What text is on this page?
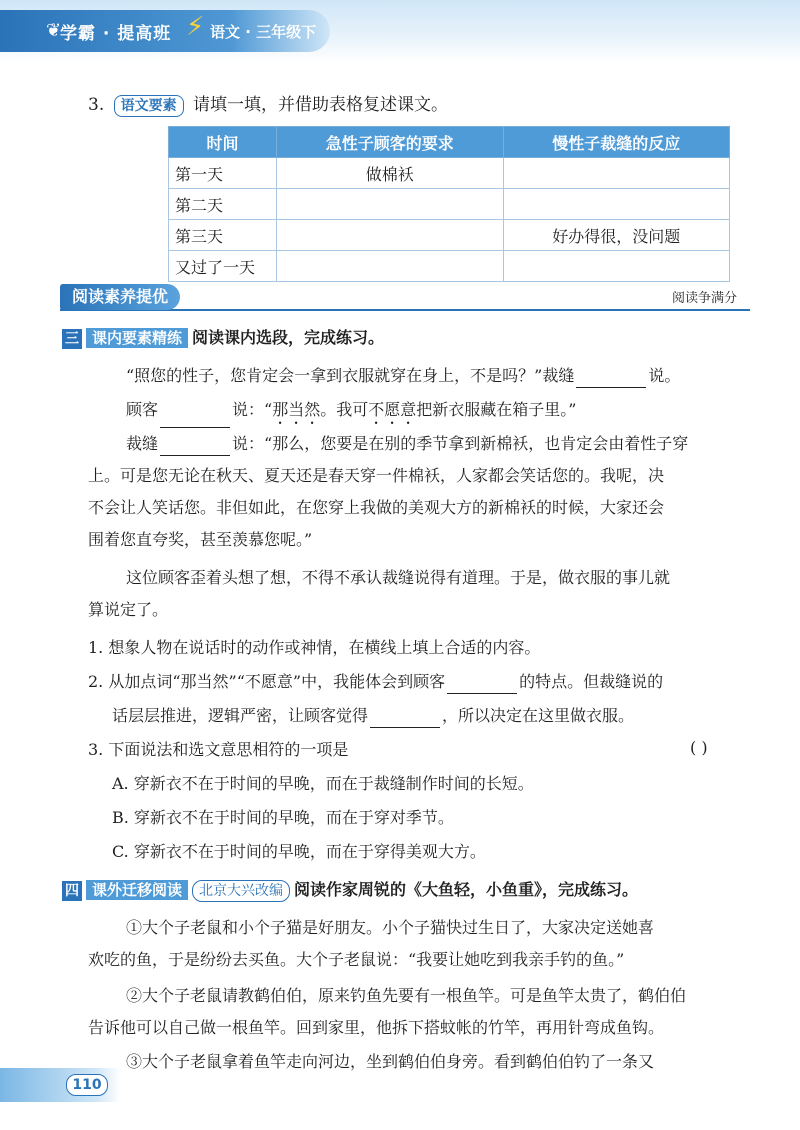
❦
学霸 · 提高班 ⚡ 语文 · 三年级下
3. 语文要素 请填一填，并借助表格复述课文。
时间	急性子顾客的要求	慢性子裁缝的反应
第一天	做棉袄	
第二天		
第三天		好办得很，没问题
又过了一天		
阅读素养提优	阅读争满分
三 课内要素精练 阅读课内选段，完成练习。
“照您的性子，您肯定会一拿到衣服就穿在身上，不是吗？”裁缝	说。
顾客	说：“那当然。我可不愿意把新衣服藏在箱子里。”
裁缝	说：“那么，您要是在别的季节拿到新棉袄，也肯定会由着性子穿
上。可是您无论在秋天、夏天还是春天穿一件棉袄，人家都会笑话您的。我呢，决
不会让人笑话您。非但如此，在您穿上我做的美观大方的新棉袄的时候，大家还会
围着您直夸奖，甚至羡慕您呢。”
这位顾客歪着头想了想，不得不承认裁缝说得有道理。于是，做衣服的事儿就
算说定了。
1. 想象人物在说话时的动作或神情，在横线上填上合适的内容。
2. 从加点词“那当然”“不愿意”中，我能体会到顾客	的特点。但裁缝说的
话层层推进，逻辑严密，让顾客觉得	，所以决定在这里做衣服。
3. 下面说法和选文意思相符的一项是	( )
A. 穿新衣不在于时间的早晚，而在于裁缝制作时间的长短。
B. 穿新衣不在于时间的早晚，而在于穿对季节。
C. 穿新衣不在于时间的早晚，而在于穿得美观大方。
四 课外迁移阅读 北京大兴改编 阅读作家周锐的《大鱼轻，小鱼重》，完成练习。
①大个子老鼠和小个子猫是好朋友。小个子猫快过生日了，大家决定送她喜
欢吃的鱼，于是纷纷去买鱼。大个子老鼠说：“我要让她吃到我亲手钓的鱼。”
②大个子老鼠请教鹤伯伯，原来钓鱼先要有一根鱼竿。可是鱼竿太贵了，鹤伯伯
告诉他可以自己做一根鱼竿。回到家里，他拆下搭蚊帐的竹竿，再用针弯成鱼钩。
③大个子老鼠拿着鱼竿走向河边，坐到鹤伯伯身旁。看到鹤伯伯钓了一条又
110
